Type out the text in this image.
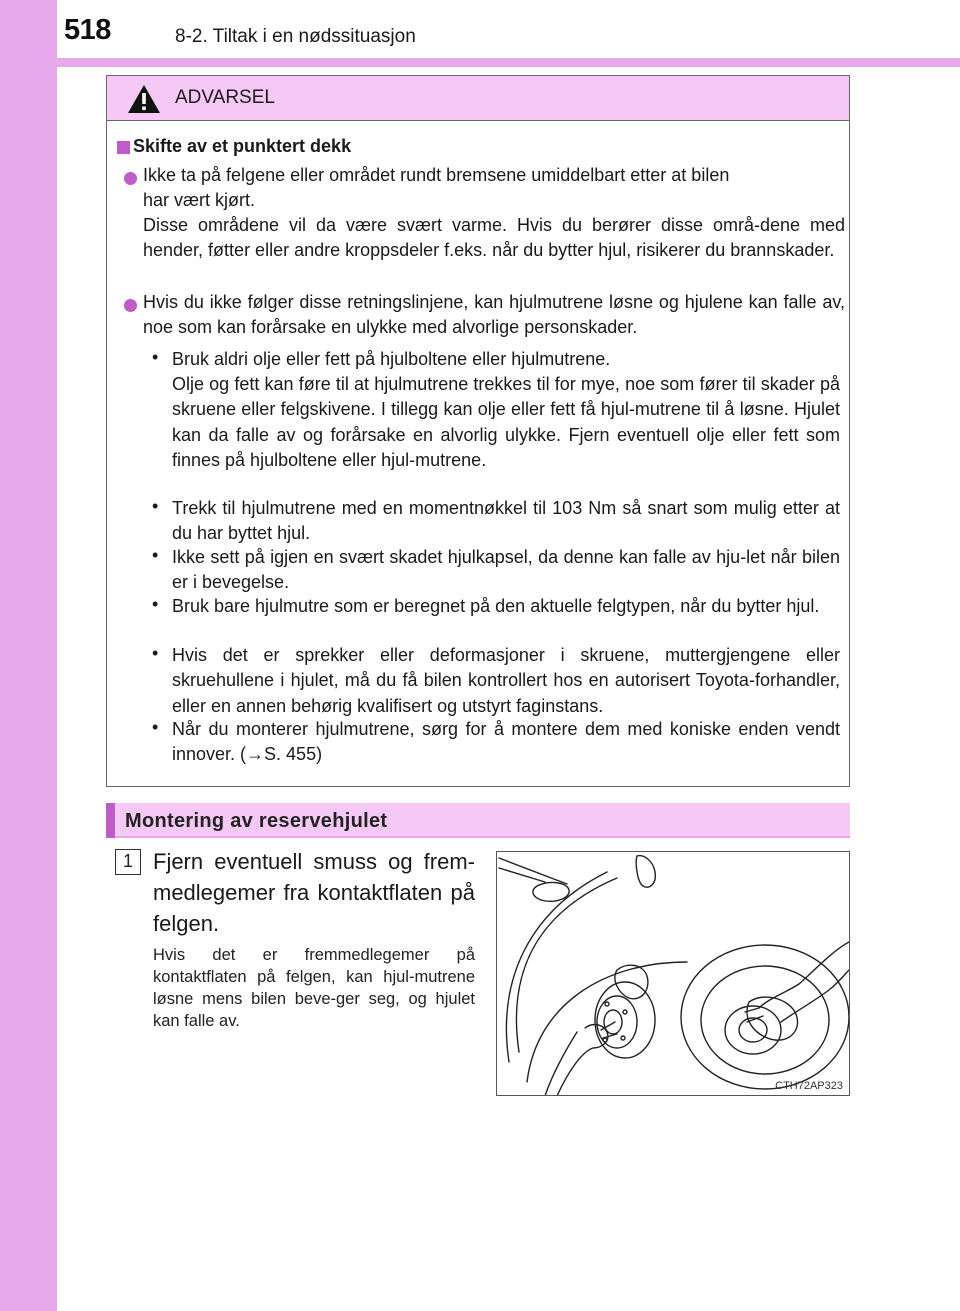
518	8-2. Tiltak i en nødssituasjon
ADVARSEL
Skifte av et punktert dekk
Ikke ta på felgene eller området rundt bremsene umiddelbart etter at bilen
har vært kjørt.
Disse områdene vil da være svært varme. Hvis du berører disse områ-dene med hender, føtter eller andre kroppsdeler f.eks. når du bytter hjul, risikerer du brannskader.
Hvis du ikke følger disse retningslinjene, kan hjulmutrene løsne og hjulene kan falle av, noe som kan forårsake en ulykke med alvorlige personskader.
• Bruk aldri olje eller fett på hjulboltene eller hjulmutrene.
Olje og fett kan føre til at hjulmutrene trekkes til for mye, noe som fører til skader på skruene eller felgskivene. I tillegg kan olje eller fett få hjul-mutrene til å løsne. Hjulet kan da falle av og forårsake en alvorlig ulykke. Fjern eventuell olje eller fett som finnes på hjulboltene eller hjul-mutrene.
• Trekk til hjulmutrene med en momentnøkkel til 103 Nm så snart som mulig etter at du har byttet hjul.
• Ikke sett på igjen en svært skadet hjulkapsel, da denne kan falle av hju-let når bilen er i bevegelse.
• Bruk bare hjulmutre som er beregnet på den aktuelle felgtypen, når du bytter hjul.
• Hvis det er sprekker eller deformasjoner i skruene, muttergjengene eller skruehullene i hjulet, må du få bilen kontrollert hos en autorisert Toyota-forhandler, eller en annen behørig kvalifisert og utstyrt faginstans.
• Når du monterer hjulmutrene, sørg for å montere dem med koniske enden vendt innover. (→S. 455)
Montering av reservehjulet
1 Fjern eventuell smuss og frem-medlegemer fra kontaktflaten på felgen.
Hvis det er fremmedlegemer på kontaktflaten på felgen, kan hjul-mutrene løsne mens bilen beve-ger seg, og hjulet kan falle av.
CTH72AP323
